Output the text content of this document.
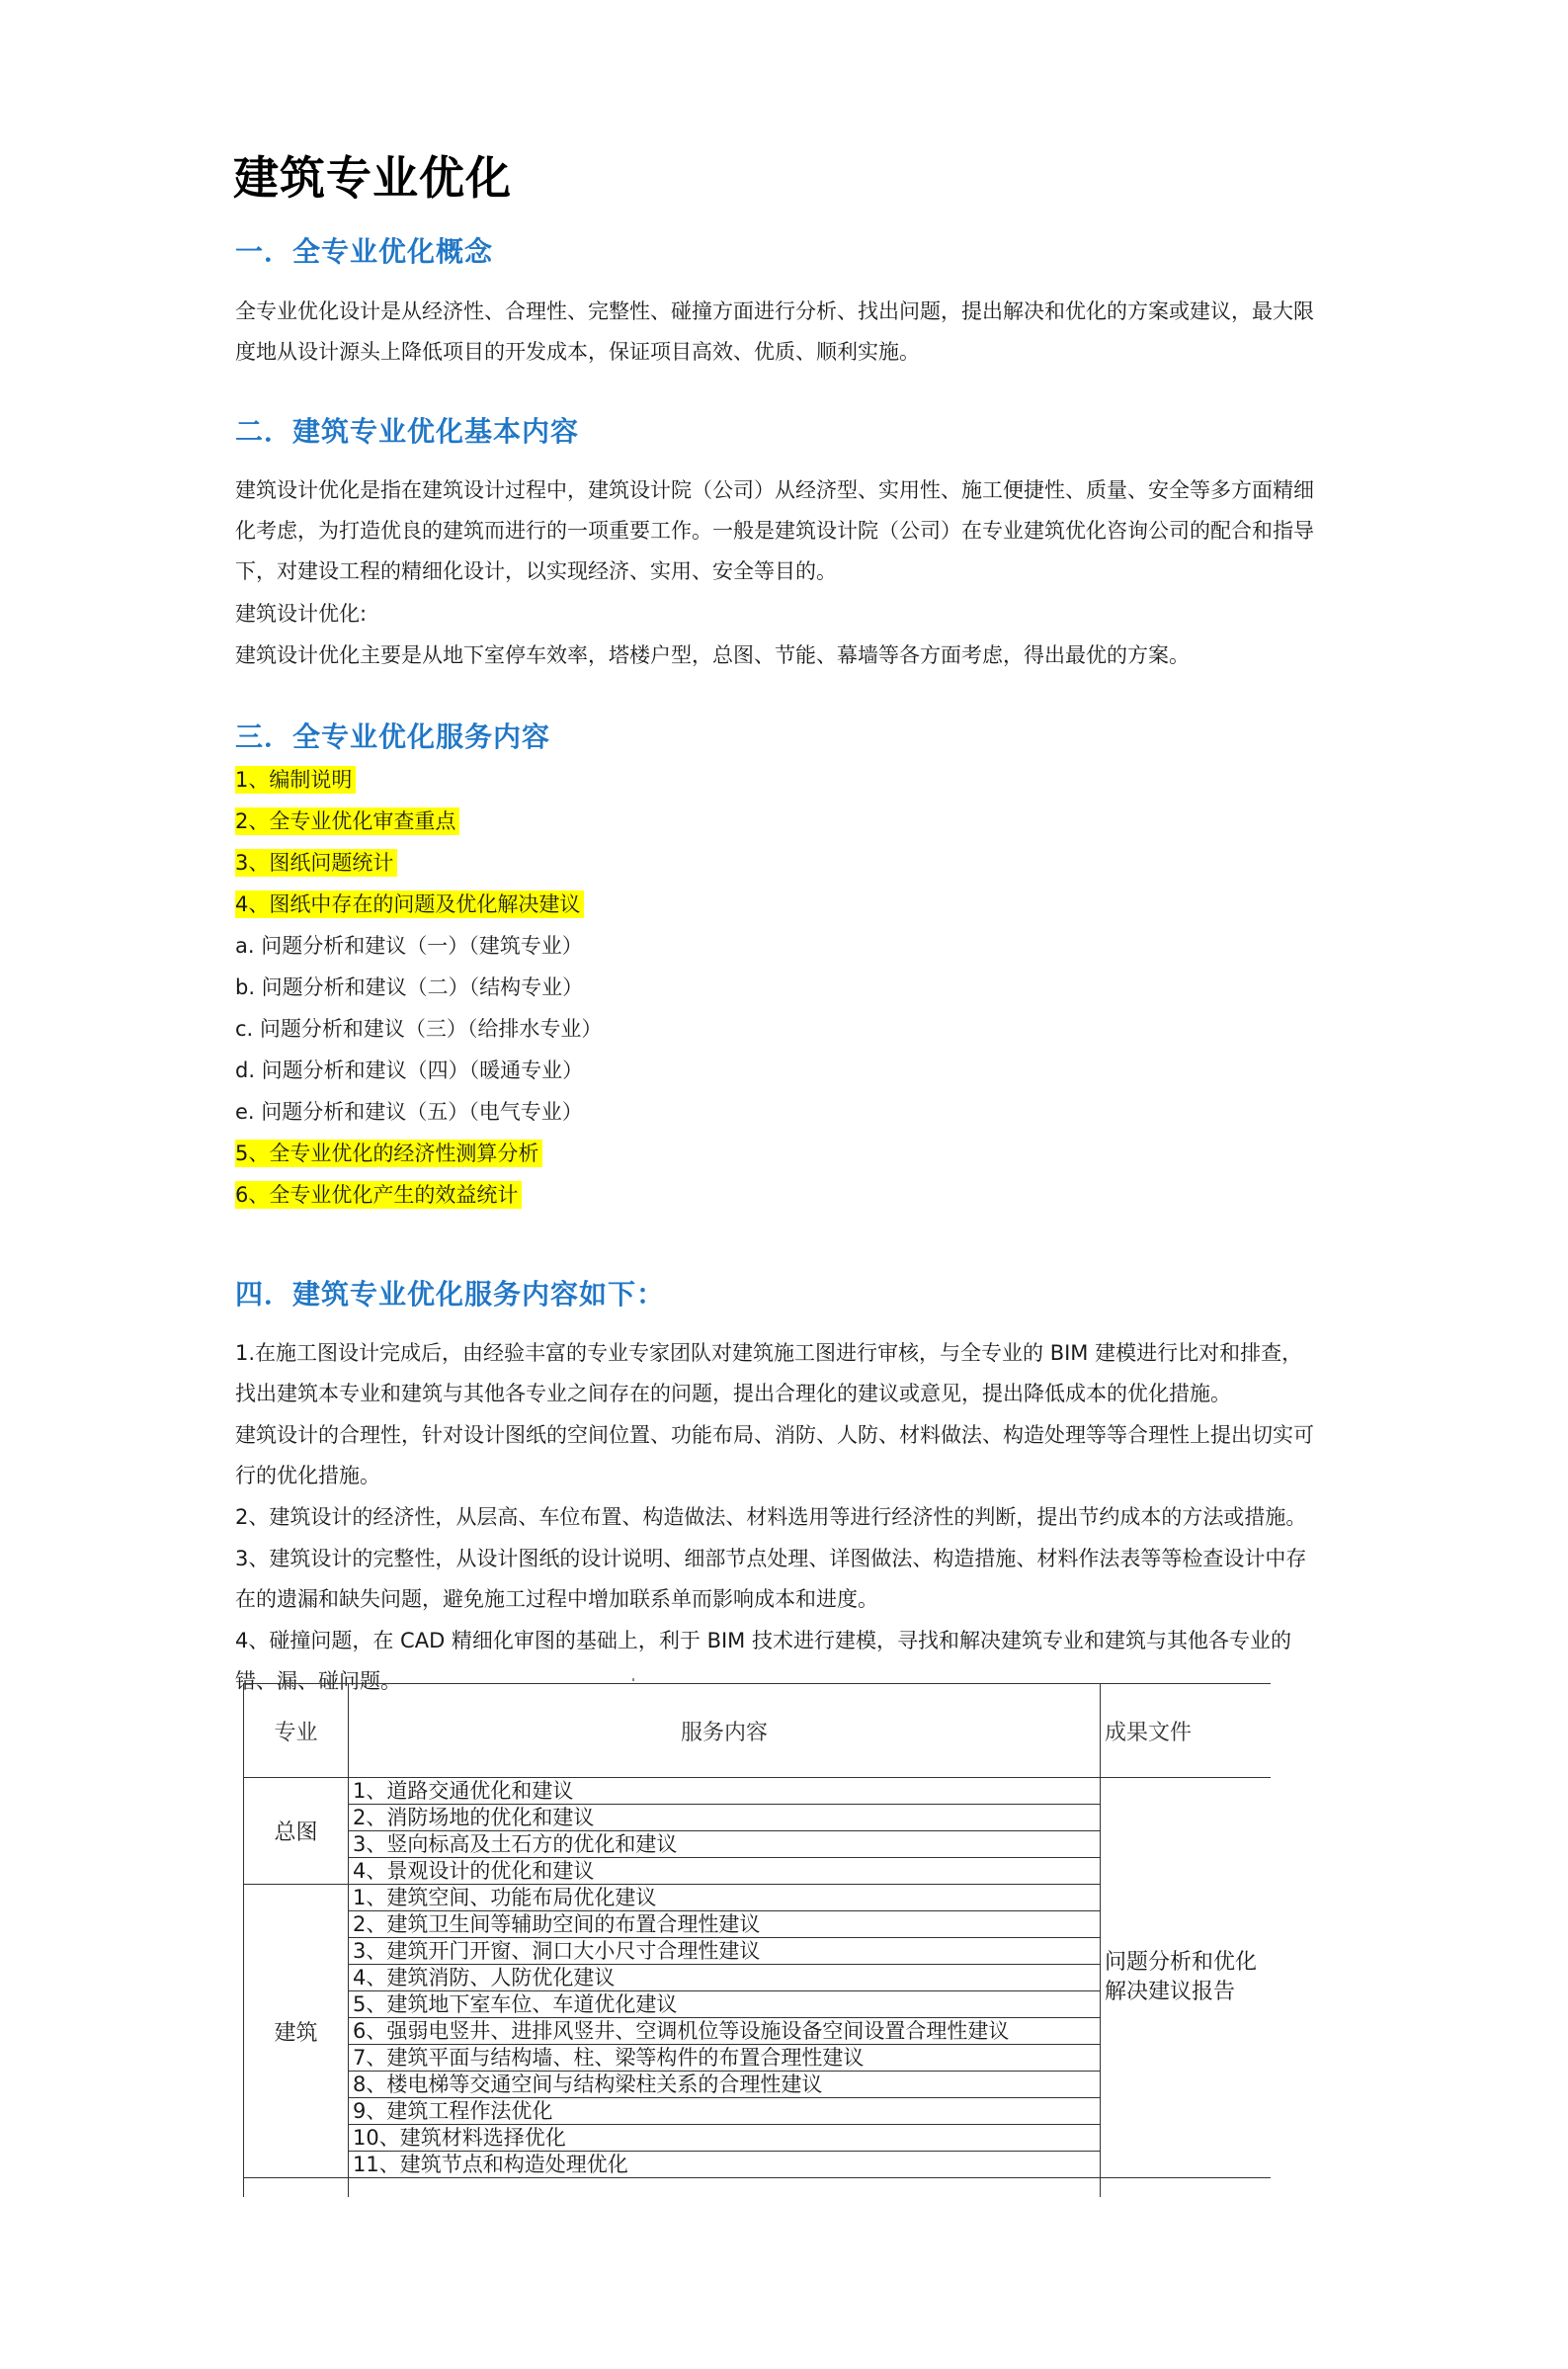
建筑专业优化
一．全专业优化概念
全专业优化设计是从经济性、合理性、完整性、碰撞方面进行分析、找出问题，提出解决和优化的方案或建议，最大限度地从设计源头上降低项目的开发成本，保证项目高效、优质、顺利实施。
二．建筑专业优化基本内容
建筑设计优化是指在建筑设计过程中，建筑设计院（公司）从经济型、实用性、施工便捷性、质量、安全等多方面精细化考虑，为打造优良的建筑而进行的一项重要工作。一般是建筑设计院（公司）在专业建筑优化咨询公司的配合和指导下，对建设工程的精细化设计，以实现经济、实用、安全等目的。
建筑设计优化:
建筑设计优化主要是从地下室停车效率，塔楼户型，总图、节能、幕墙等各方面考虑，得出最优的方案。
三．全专业优化服务内容
1、编制说明
2、全专业优化审查重点
3、图纸问题统计
4、图纸中存在的问题及优化解决建议
a. 问题分析和建议（一）（建筑专业）
b. 问题分析和建议（二）（结构专业）
c. 问题分析和建议（三）（给排水专业）
d. 问题分析和建议（四）（暖通专业）
e. 问题分析和建议（五）（电气专业）
5、全专业优化的经济性测算分析
6、全专业优化产生的效益统计
四．建筑专业优化服务内容如下：
1.在施工图设计完成后，由经验丰富的专业专家团队对建筑施工图进行审核，与全专业的 BIM 建模进行比对和排查，找出建筑本专业和建筑与其他各专业之间存在的问题，提出合理化的建议或意见，提出降低成本的优化措施。
建筑设计的合理性，针对设计图纸的空间位置、功能布局、消防、人防、材料做法、构造处理等等合理性上提出切实可行的优化措施。
2、建筑设计的经济性，从层高、车位布置、构造做法、材料选用等进行经济性的判断，提出节约成本的方法或措施。
3、建筑设计的完整性，从设计图纸的设计说明、细部节点处理、详图做法、构造措施、材料作法表等等检查设计中存在的遗漏和缺失问题，避免施工过程中增加联系单而影响成本和进度。
4、碰撞问题，在 CAD 精细化审图的基础上，利于 BIM 技术进行建模，寻找和解决建筑专业和建筑与其他各专业的错、漏、碰问题。
专业	服务内容	成果文件
总图	1、道路交通优化和建议	问题分析和优化解决建议报告
	2、消防场地的优化和建议	
	3、竖向标高及土石方的优化和建议	
	4、景观设计的优化和建议	
建筑	1、建筑空间、功能布局优化建议	
	2、建筑卫生间等辅助空间的布置合理性建议	
	3、建筑开门开窗、洞口大小尺寸合理性建议	
	4、建筑消防、人防优化建议	
	5、建筑地下室车位、车道优化建议	
	6、强弱电竖井、进排风竖井、空调机位等设施设备空间设置合理性建议	
	7、建筑平面与结构墙、柱、梁等构件的布置合理性建议	
	8、楼电梯等交通空间与结构梁柱关系的合理性建议	
	9、建筑工程作法优化	
	10、建筑材料选择优化	
	11、建筑节点和构造处理优化	
